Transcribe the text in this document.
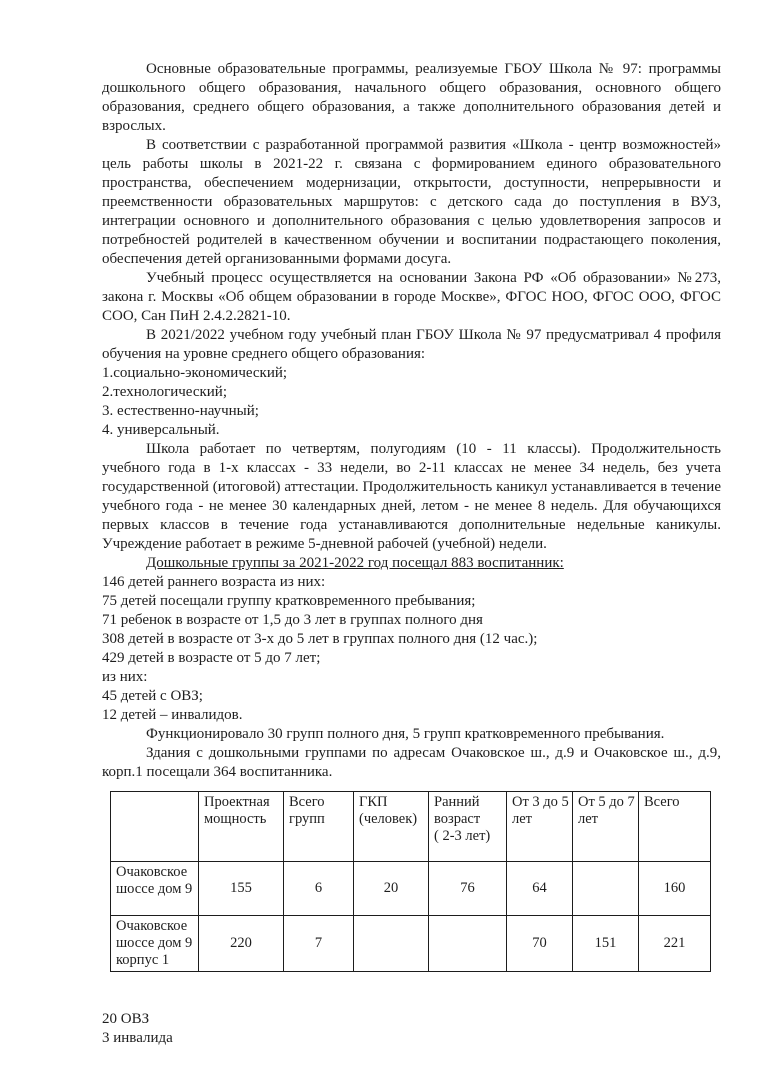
Основные образовательные программы, реализуемые ГБОУ Школа № 97: программы дошкольного общего образования, начального общего образования, основного общего образования, среднего общего образования, а также дополнительного образования детей и взрослых.

В соответствии с разработанной программой развития «Школа - центр возможностей» цель работы школы в 2021-22 г. связана с формированием единого образовательного пространства, обеспечением модернизации, открытости, доступности, непрерывности и преемственности образовательных маршрутов: с детского сада до поступления в ВУЗ, интеграции основного и дополнительного образования с целью удовлетворения запросов и потребностей родителей в качественном обучении и воспитании подрастающего поколения, обеспечения детей организованными формами досуга.

Учебный процесс осуществляется на основании Закона РФ «Об образовании» №273, закона г. Москвы «Об общем образовании в городе Москве», ФГОС НОО, ФГОС ООО, ФГОС СОО, Сан ПиН 2.4.2.2821-10.

В 2021/2022 учебном году учебный план ГБОУ Школа № 97 предусматривал 4 профиля обучения на уровне среднего общего образования:

1.социально-экономический;

2.технологический;

3. естественно-научный;

4. универсальный.

Школа работает по четвертям, полугодиям (10 - 11 классы). Продолжительность учебного года в 1-х классах - 33 недели, во 2-11 классах не менее 34 недель, без учета государственной (итоговой) аттестации. Продолжительность каникул устанавливается в течение учебного года - не менее 30 календарных дней, летом - не менее 8 недель. Для обучающихся первых классов в течение года устанавливаются дополнительные недельные каникулы. Учреждение работает в режиме 5-дневной рабочей (учебной) недели.

Дошкольные группы за 2021-2022 год посещал 883 воспитанник:

146 детей раннего возраста из них:

75 детей посещали группу кратковременного пребывания;

71 ребенок в возрасте от 1,5 до 3 лет в группах полного дня

308 детей в возрасте от 3-х до 5 лет в группах полного дня (12 час.);

429 детей в возрасте от 5 до 7 лет;

из них:

45 детей с ОВЗ;

12 детей – инвалидов.

Функционировало 30 групп полного дня, 5 групп кратковременного пребывания.

Здания с дошкольными группами по адресам Очаковское ш., д.9 и Очаковское ш., д.9, корп.1 посещали 364 воспитанника.

	Проектная мощность	Всего групп	ГКП (человек)	Ранний возраст ( 2-3 лет)	От 3 до 5 лет	От 5 до 7 лет	Всего
Очаковское шоссе дом 9	155	6	20	76	64		160
Очаковское шоссе дом 9 корпус 1	220	7			70	151	221

20 ОВЗ

3 инвалида
